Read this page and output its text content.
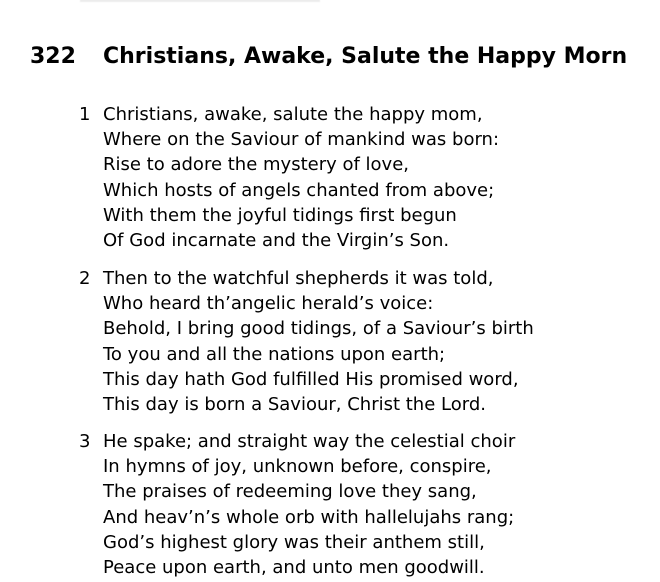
322 Christians, Awake, Salute the Happy Morn
1 Christians, awake, salute the happy mom,
Where on the Saviour of mankind was born:
Rise to adore the mystery of love,
Which hosts of angels chanted from above;
With them the joyful tidings first begun
Of God incarnate and the Virgin’s Son.
2 Then to the watchful shepherds it was told,
Who heard th’angelic herald’s voice:
Behold, I bring good tidings, of a Saviour’s birth
To you and all the nations upon earth;
This day hath God fulfilled His promised word,
This day is born a Saviour, Christ the Lord.
3 He spake; and straight way the celestial choir
In hymns of joy, unknown before, conspire,
The praises of redeeming love they sang,
And heav’n’s whole orb with hallelujahs rang;
God’s highest glory was their anthem still,
Peace upon earth, and unto men goodwill.
